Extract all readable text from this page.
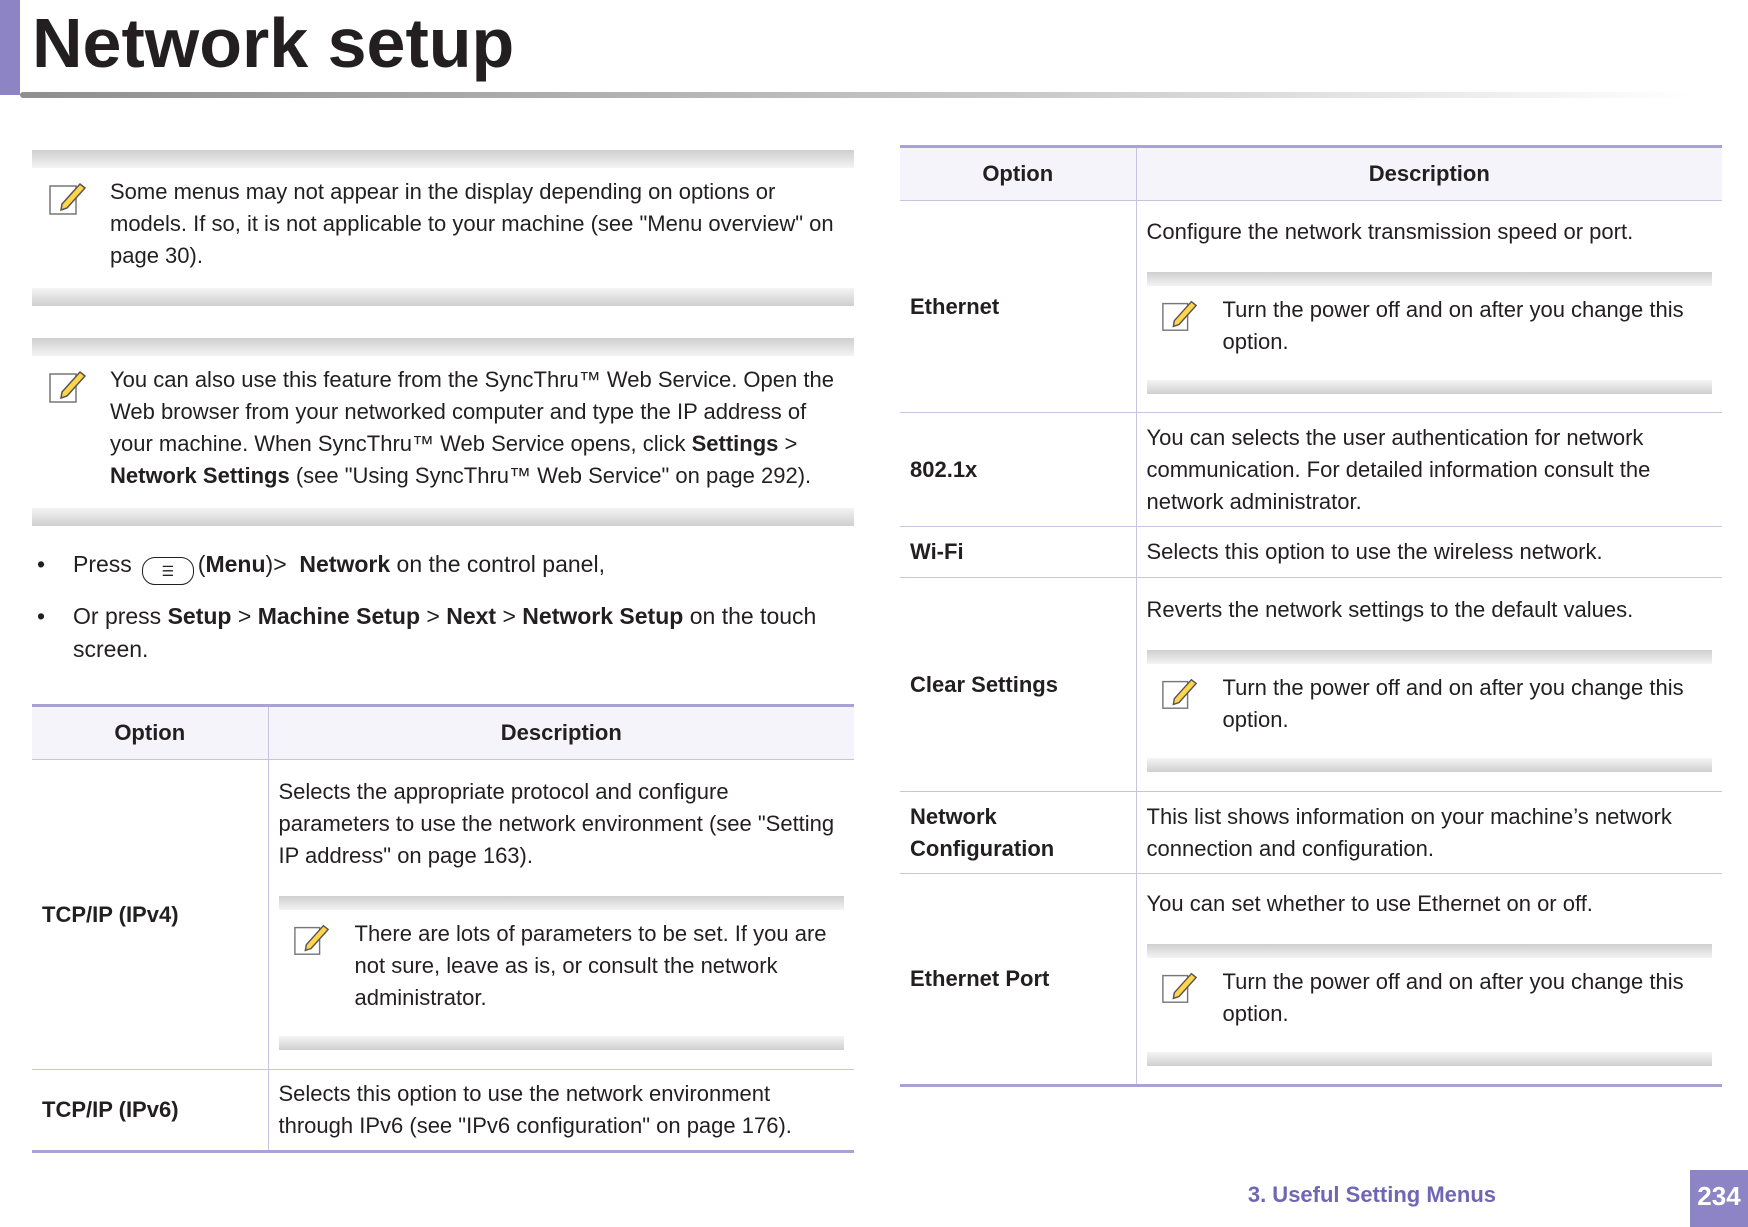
Network setup
Some menus may not appear in the display depending on options or models. If so, it is not applicable to your machine (see "Menu overview" on page 30).
You can also use this feature from the SyncThru™ Web Service. Open the Web browser from your networked computer and type the IP address of your machine. When SyncThru™ Web Service opens, click Settings > Network Settings (see "Using SyncThru™ Web Service" on page 292).
• Press ☰ (Menu)> Network on the control panel,
• Or press Setup > Machine Setup > Next > Network Setup on the touch screen.
Option	Description
TCP/IP (IPv4)	Selects the appropriate protocol and configure parameters to use the network environment (see "Setting IP address" on page 163).
There are lots of parameters to be set. If you are not sure, leave as is, or consult the network administrator.

TCP/IP (IPv6)	Selects this option to use the network environment through IPv6 (see "IPv6 configuration" on page 176).
Option	Description
Ethernet	Configure the network transmission speed or port.
Turn the power off and on after you change this option.

802.1x	You can selects the user authentication for network communication. For detailed information consult the network administrator.
Wi-Fi	Selects this option to use the wireless network.
Clear Settings	Reverts the network settings to the default values.
Turn the power off and on after you change this option.

Network Configuration	This list shows information on your machine’s network connection and configuration.
Ethernet Port	You can set whether to use Ethernet on or off.
Turn the power off and on after you change this option.
3. Useful Setting Menus	234
